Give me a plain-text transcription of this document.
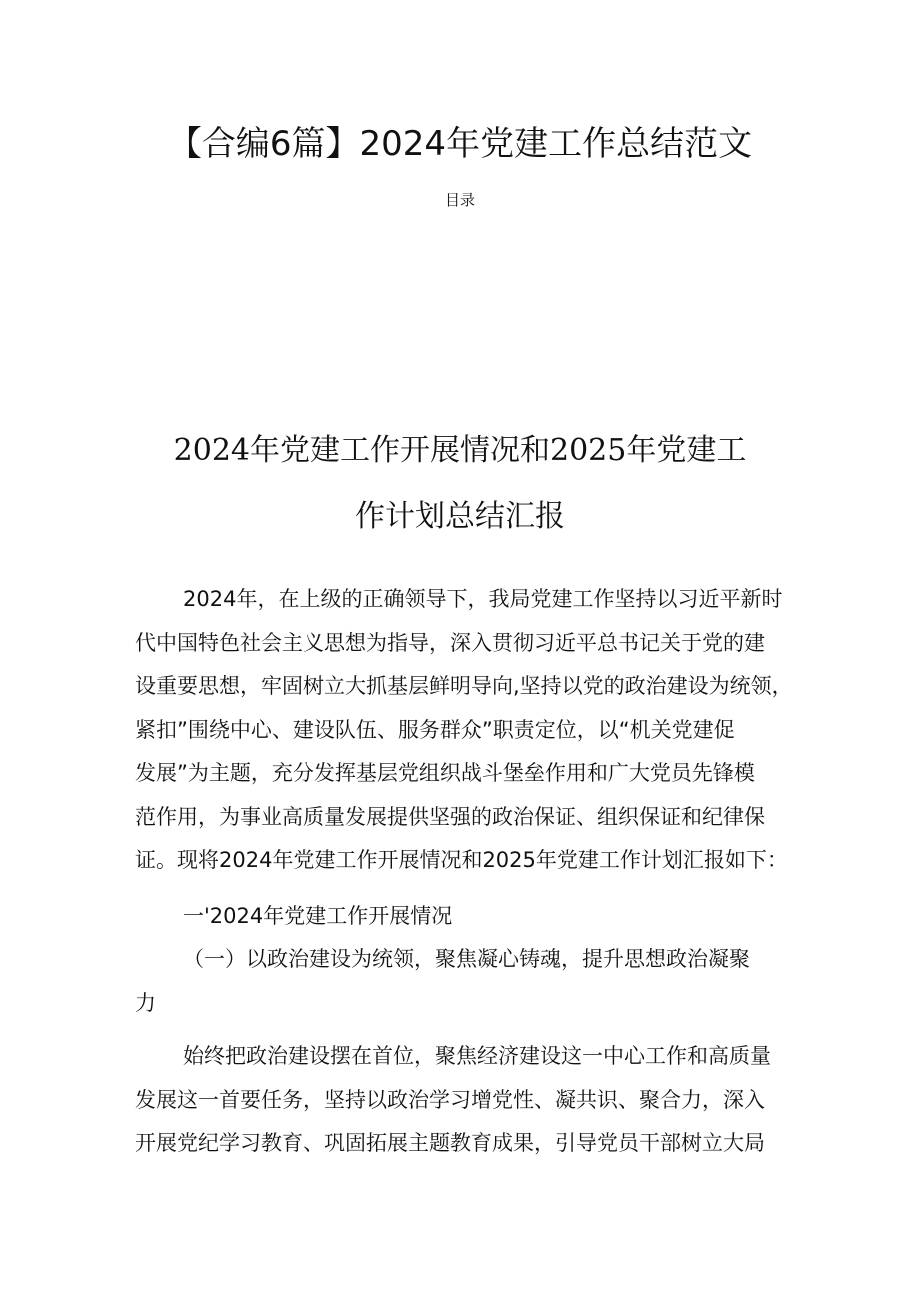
【合编6篇】2024年党建工作总结范文
目录
2024年党建工作开展情况和2025年党建工
作计划总结汇报
2024年，在上级的正确领导下，我局党建工作坚持以习近平新时
代中国特色社会主义思想为指导，深入贯彻习近平总书记关于党的建
设重要思想，牢固树立大抓基层鲜明导向,坚持以党的政治建设为统领，
紧扣”围绕中心、建设队伍、服务群众”职责定位，以“机关党建促
发展”为主题，充分发挥基层党组织战斗堡垒作用和广大党员先锋模
范作用，为事业高质量发展提供坚强的政治保证、组织保证和纪律保
证。现将2024年党建工作开展情况和2025年党建工作计划汇报如下：
一'2024年党建工作开展情况
（一）以政治建设为统领，聚焦凝心铸魂，提升思想政治凝聚
力
始终把政治建设摆在首位，聚焦经济建设这一中心工作和高质量
发展这一首要任务，坚持以政治学习增党性、凝共识、聚合力，深入
开展党纪学习教育、巩固拓展主题教育成果，引导党员干部树立大局
